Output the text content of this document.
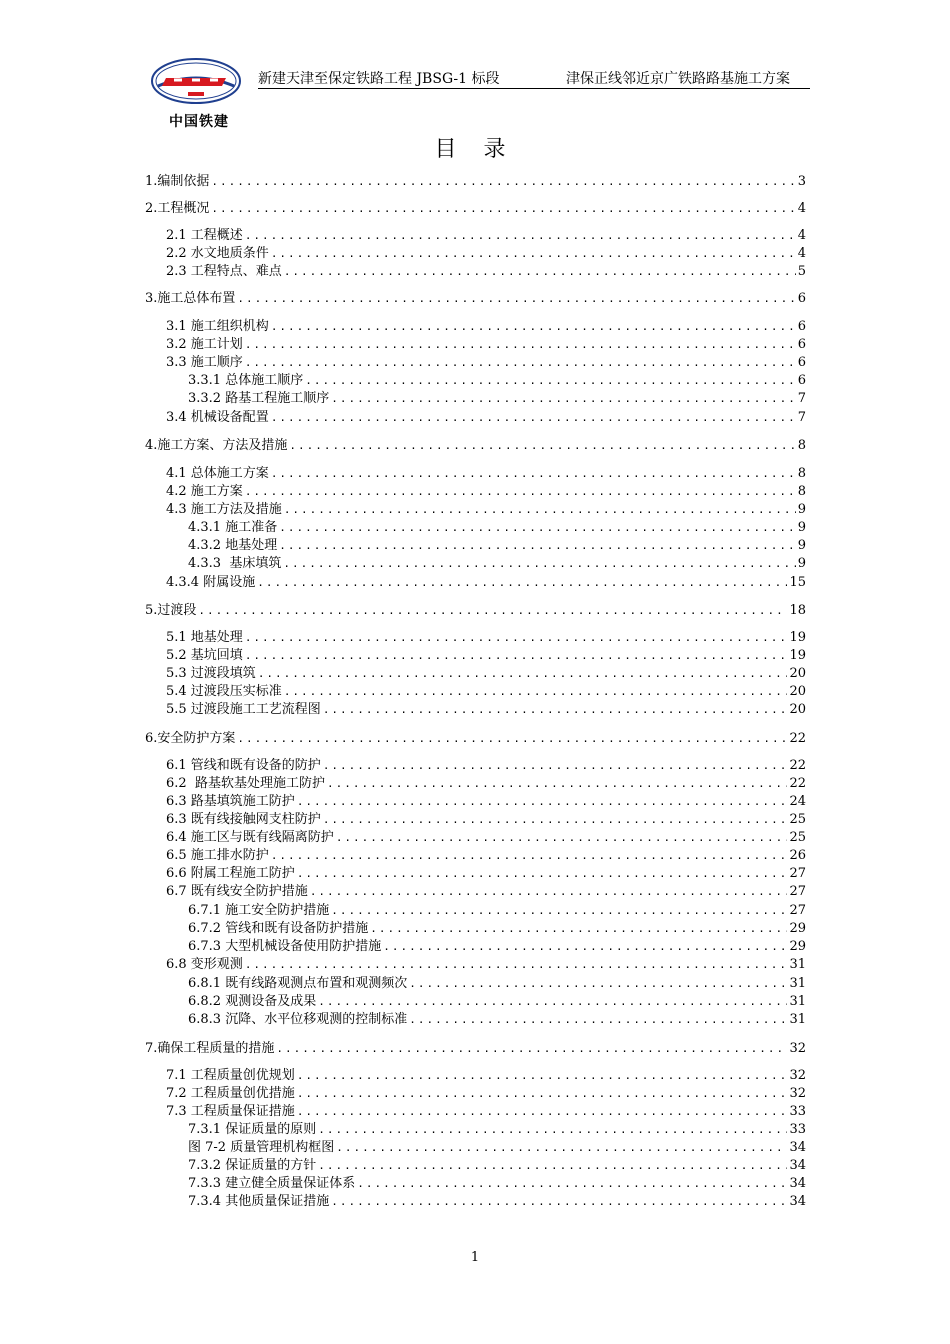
中国铁建
新建天津至保定铁路工程 JBSG-1 标段	津保正线邻近京广铁路路基施工方案
目 录
1.编制依据 .....	3
2.工程概况 .....	4
2.1 工程概述 .....	4
2.2 水文地质条件 .....	4
2.3 工程特点、难点 .....	5
3.施工总体布置 .....	6
3.1 施工组织机构 .....	6
3.2 施工计划 .....	6
3.3 施工顺序 .....	6
3.3.1 总体施工顺序 .....	6
3.3.2 路基工程施工顺序 .....	7
3.4 机械设备配置 .....	7
4.施工方案、方法及措施 .....	8
4.1 总体施工方案 .....	8
4.2 施工方案 .....	8
4.3 施工方法及措施 .....	9
4.3.1 施工准备 .....	9
4.3.2 地基处理 .....	9
4.3.3  基床填筑 .....	9
4.3.4 附属设施 .....	15
5.过渡段 .....	18
5.1 地基处理 .....	19
5.2 基坑回填 .....	19
5.3 过渡段填筑 .....	20
5.4 过渡段压实标准 .....	20
5.5 过渡段施工工艺流程图 .....	20
6.安全防护方案 .....	22
6.1 管线和既有设备的防护 .....	22
6.2  路基软基处理施工防护 .....	22
6.3 路基填筑施工防护 .....	24
6.3 既有线接触网支柱防护 .....	25
6.4 施工区与既有线隔离防护 .....	25
6.5 施工排水防护 .....	26
6.6 附属工程施工防护 .....	27
6.7 既有线安全防护措施 .....	27
6.7.1 施工安全防护措施 .....	27
6.7.2 管线和既有设备防护措施 .....	29
6.7.3 大型机械设备使用防护措施 .....	29
6.8 变形观测 .....	31
6.8.1 既有线路观测点布置和观测频次 .....	31
6.8.2 观测设备及成果 .....	31
6.8.3 沉降、水平位移观测的控制标准 .....	31
7.确保工程质量的措施 .....	32
7.1 工程质量创优规划 .....	32
7.2 工程质量创优措施 .....	32
7.3 工程质量保证措施 .....	33
7.3.1 保证质量的原则 .....	33
图 7-2 质量管理机构框图 .....	34
7.3.2 保证质量的方针 .....	34
7.3.3 建立健全质量保证体系 .....	34
7.3.4 其他质量保证措施 .....	34
1
